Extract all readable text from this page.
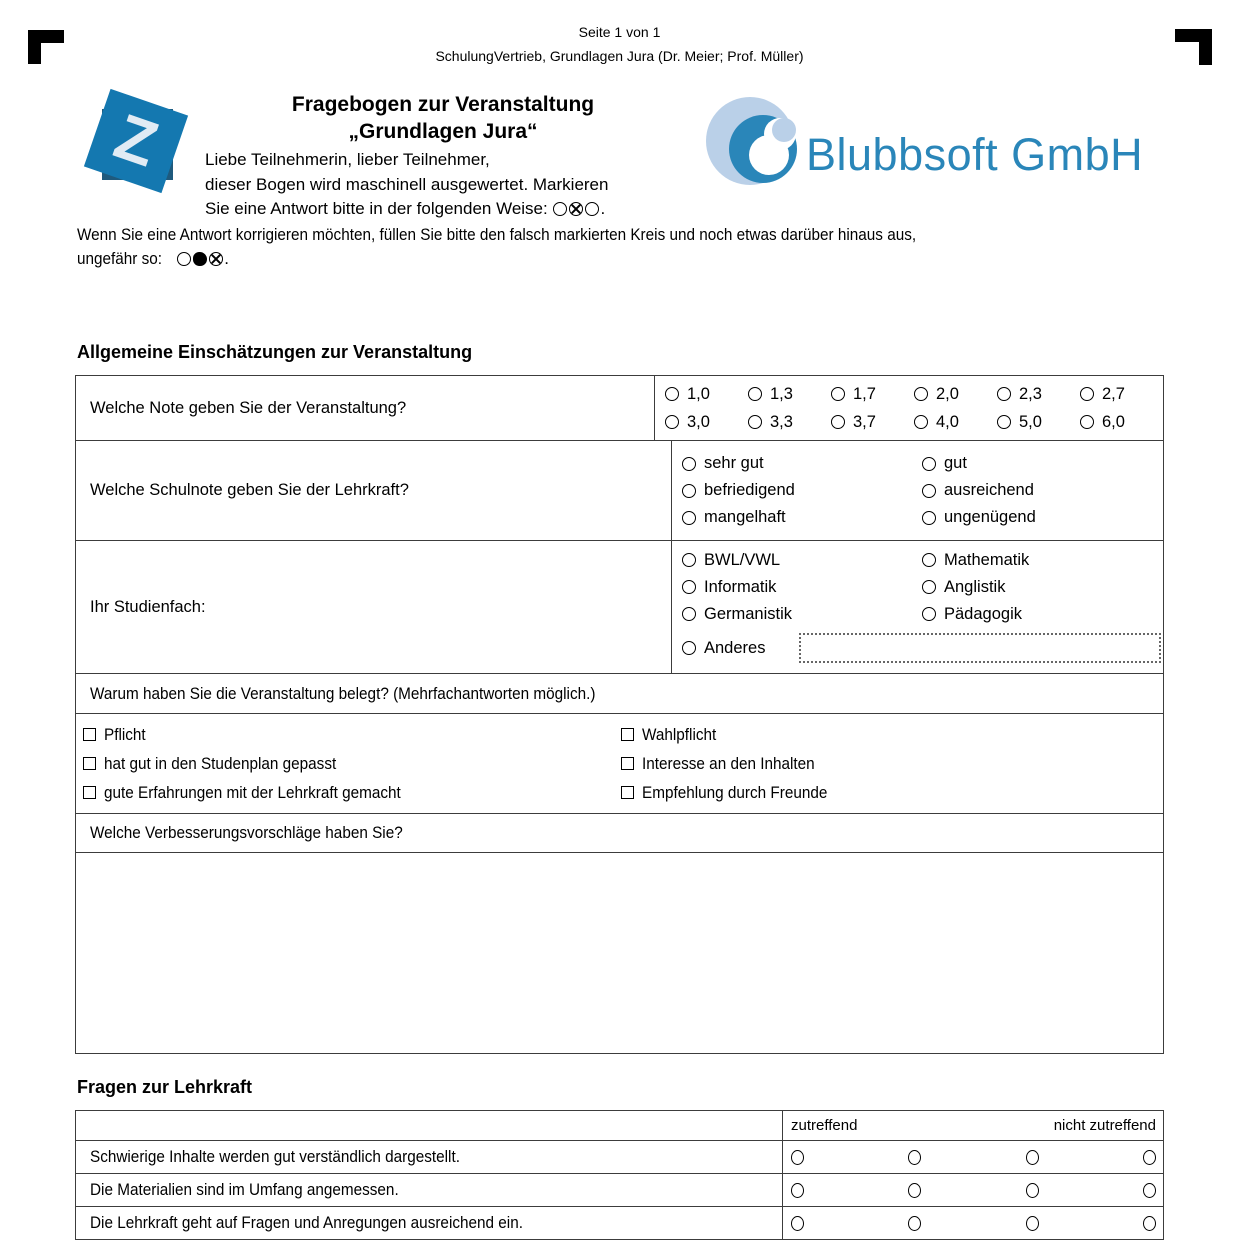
Seite 1 von 1
SchulungVertrieb, Grundlagen Jura (Dr. Meier; Prof. Müller)
Z	Fragebogen zur Veranstaltung
„Grundlagen Jura“
Liebe Teilnehmerin, lieber Teilnehmer,
dieser Bogen wird maschinell ausgewertet. Markieren
Sie eine Antwort bitte in der folgenden Weise:	.
Wenn Sie eine Antwort korrigieren möchten, füllen Sie bitte den falsch markierten Kreis und noch etwas darüber hinaus aus,
ungefähr so:	.
Blubbsoft GmbH
Allgemeine Einschätzungen zur Veranstaltung
Welche Note geben Sie der Veranstaltung?
1,0	1,3	1,7	2,0	2,3	2,7
3,0	3,3	3,7	4,0	5,0	6,0
Welche Schulnote geben Sie der Lehrkraft?
sehr gut	gut
befriedigend	ausreichend
mangelhaft	ungenügend
Ihr Studienfach:
BWL/VWL	Mathematik
Informatik	Anglistik
Germanistik	Pädagogik
Anderes
Warum haben Sie die Veranstaltung belegt? (Mehrfachantworten möglich.)
Pflicht	Wahlpflicht
hat gut in den Studenplan gepasst	Interesse an den Inhalten
gute Erfahrungen mit der Lehrkraft gemacht	Empfehlung durch Freunde
Welche Verbesserungsvorschläge haben Sie?
Fragen zur Lehrkraft
zutreffend	nicht zutreffend
Schwierige Inhalte werden gut verständlich dargestellt.
Die Materialien sind im Umfang angemessen.
Die Lehrkraft geht auf Fragen und Anregungen ausreichend ein.
